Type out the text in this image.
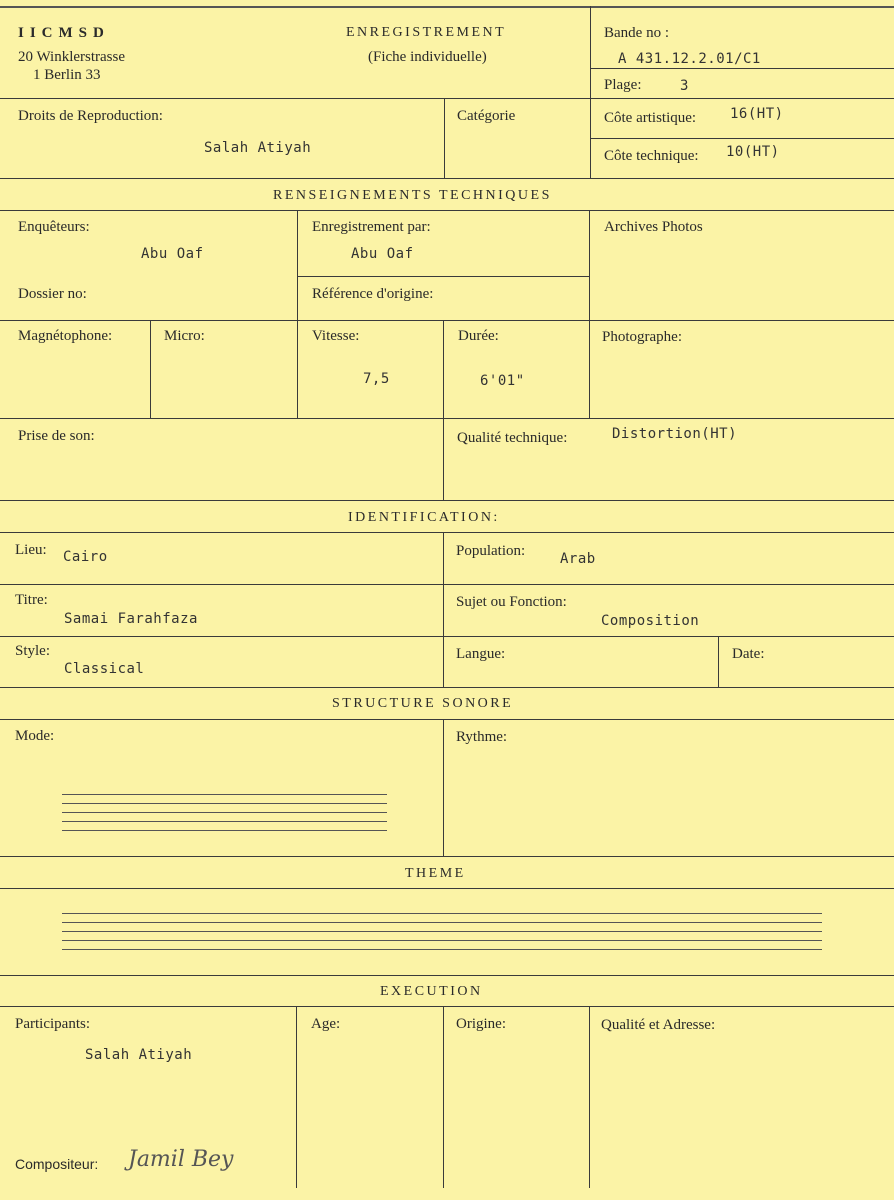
IICMSD
20 Winklerstrasse
1 Berlin 33
ENREGISTREMENT
(Fiche individuelle)
Bande no :
A 431.12.2.01/C1
Plage:	3
Droits de Reproduction:
Salah Atiyah
Catégorie	Côte artistique: 16(HT)
Côte technique: 10(HT)
RENSEIGNEMENTS TECHNIQUES
Enquêteurs:
Abu Oaf
Enregistrement par:
Abu Oaf
Archives Photos
Dossier no:	Référence d'origine:
Magnétophone:	Micro:	Vitesse:
7,5
Durée:
6'01"
Photographe:
Prise de son:	Qualité technique:	Distortion(HT)
IDENTIFICATION:
Lieu: Cairo	Population: Arab
Titre:
Samai Farahfaza
Sujet ou Fonction:
Composition
Style:
Classical
Langue:	Date:
STRUCTURE SONORE
Mode:	Rythme:
THEME
EXECUTION
Participants:
Salah Atiyah
Age:	Origine:	Qualité et Adresse:
Compositeur: Jamil Bey
